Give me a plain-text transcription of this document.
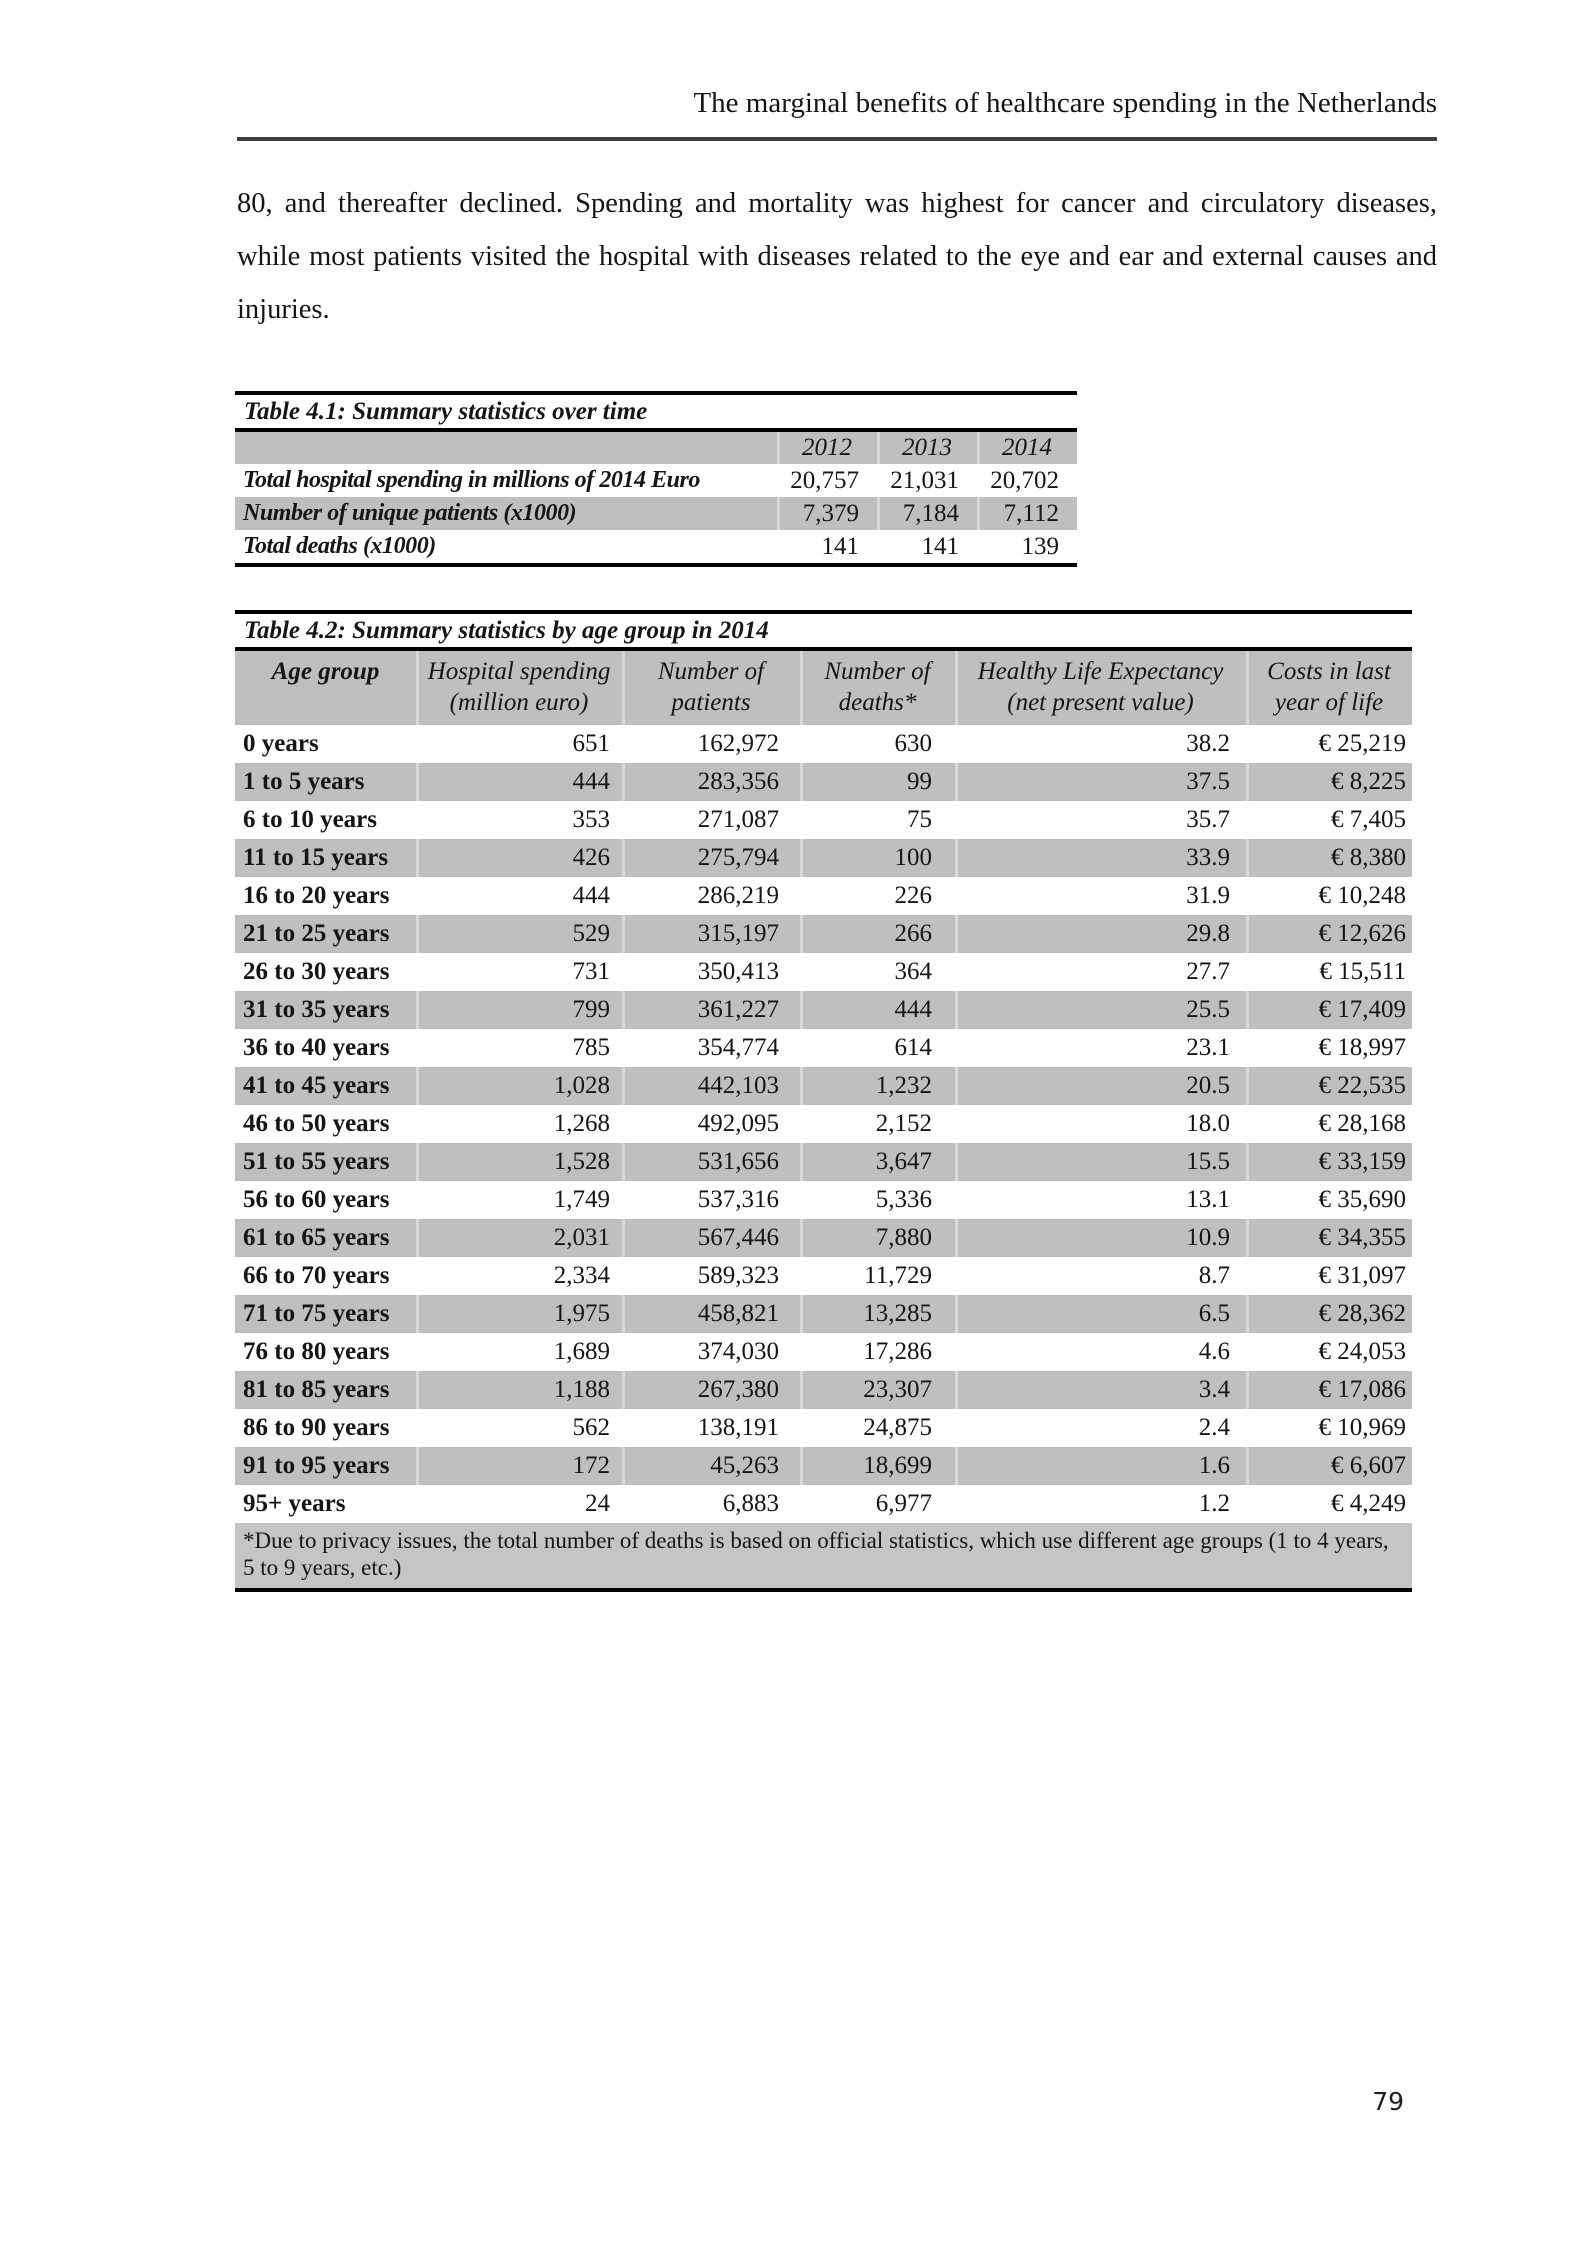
The marginal benefits of healthcare spending in the Netherlands

80, and thereafter declined. Spending and mortality was highest for cancer and circulatory diseases, while most patients visited the hospital with diseases related to the eye and ear and external causes and injuries.

Table 4.1: Summary statistics over time
	2012	2013	2014
Total hospital spending in millions of 2014 Euro	20,757	21,031	20,702
Number of unique patients (x1000)	7,379	7,184	7,112
Total deaths (x1000)	141	141	139
Table 4.2: Summary statistics by age group in 2014
Age group	Hospital spending (million euro)	Number of patients	Number of deaths*	Healthy Life Expectancy (net present value)	Costs in last year of life
0 years	651	162,972	630	38.2	€ 25,219
1 to 5 years	444	283,356	99	37.5	€ 8,225
6 to 10 years	353	271,087	75	35.7	€ 7,405
11 to 15 years	426	275,794	100	33.9	€ 8,380
16 to 20 years	444	286,219	226	31.9	€ 10,248
21 to 25 years	529	315,197	266	29.8	€ 12,626
26 to 30 years	731	350,413	364	27.7	€ 15,511
31 to 35 years	799	361,227	444	25.5	€ 17,409
36 to 40 years	785	354,774	614	23.1	€ 18,997
41 to 45 years	1,028	442,103	1,232	20.5	€ 22,535
46 to 50 years	1,268	492,095	2,152	18.0	€ 28,168
51 to 55 years	1,528	531,656	3,647	15.5	€ 33,159
56 to 60 years	1,749	537,316	5,336	13.1	€ 35,690
61 to 65 years	2,031	567,446	7,880	10.9	€ 34,355
66 to 70 years	2,334	589,323	11,729	8.7	€ 31,097
71 to 75 years	1,975	458,821	13,285	6.5	€ 28,362
76 to 80 years	1,689	374,030	17,286	4.6	€ 24,053
81 to 85 years	1,188	267,380	23,307	3.4	€ 17,086
86 to 90 years	562	138,191	24,875	2.4	€ 10,969
91 to 95 years	172	45,263	18,699	1.6	€ 6,607
95+ years	24	6,883	6,977	1.2	€ 4,249
*Due to privacy issues, the total number of deaths is based on official statistics, which use different age groups (1 to 4 years, 5 to 9 years, etc.)					
79
